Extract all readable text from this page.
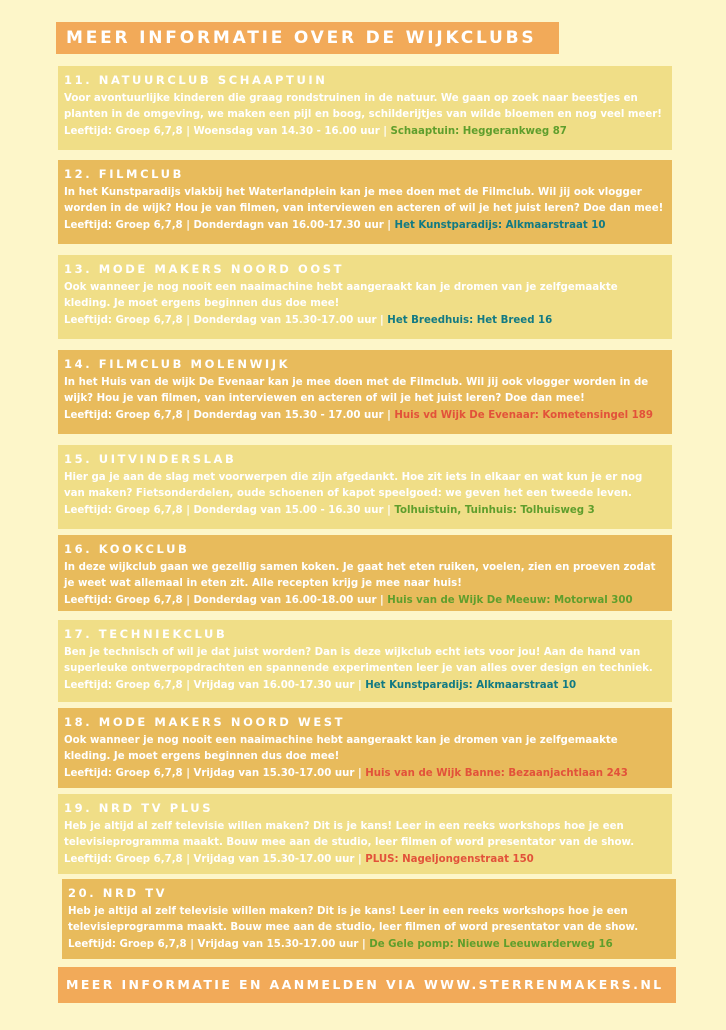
MEER INFORMATIE OVER DE WIJKCLUBS
11. NATUURCLUB SCHAAPTUIN
Voor avontuurlijke kinderen die graag rondstruinen in de natuur. We gaan op zoek naar beestjes en planten in de omgeving, we maken een pijl en boog, schilderijtjes van wilde bloemen en nog veel meer!
Leeftijd: Groep 6,7,8 | Woensdag van 14.30 - 16.00 uur | Schaaptuin: Heggerankweg 87
12. FILMCLUB
In het Kunstparadijs vlakbij het Waterlandplein kan je mee doen met de Filmclub. Wil jij ook vlogger worden in de wijk? Hou je van filmen, van interviewen en acteren of wil je het juist leren? Doe dan mee!
Leeftijd: Groep 6,7,8 | Donderdagn van 16.00-17.30 uur | Het Kunstparadijs: Alkmaarstraat 10
13. MODE MAKERS NOORD OOST
Ook wanneer je nog nooit een naaimachine hebt aangeraakt kan je dromen van je zelfgemaakte kleding. Je moet ergens beginnen dus doe mee!
Leeftijd: Groep 6,7,8 | Donderdag van 15.30-17.00 uur | Het Breedhuis: Het Breed 16
14. FILMCLUB MOLENWIJK
In het Huis van de wijk De Evenaar kan je mee doen met de Filmclub. Wil jij ook vlogger worden in de wijk? Hou je van filmen, van interviewen en acteren of wil je het juist leren? Doe dan mee!
Leeftijd: Groep 6,7,8 | Donderdag van 15.30 - 17.00 uur | Huis vd Wijk De Evenaar: Kometensingel 189
15. UITVINDERSLAB
Hier ga je aan de slag met voorwerpen die zijn afgedankt. Hoe zit iets in elkaar en wat kun je er nog van maken? Fietsonderdelen, oude schoenen of kapot speelgoed: we geven het een tweede leven.
Leeftijd: Groep 6,7,8 | Donderdag van 15.00 - 16.30 uur | Tolhuistuin, Tuinhuis: Tolhuisweg 3
16. KOOKCLUB
In deze wijkclub gaan we gezellig samen koken. Je gaat het eten ruiken, voelen, zien en proeven zodat je weet wat allemaal in eten zit. Alle recepten krijg je mee naar huis!
Leeftijd: Groep 6,7,8 | Donderdag van 16.00-18.00 uur | Huis van de Wijk De Meeuw: Motorwal 300
17. TECHNIEKCLUB
Ben je technisch of wil je dat juist worden? Dan is deze wijkclub echt iets voor jou! Aan de hand van superleuke ontwerpopdrachten en spannende experimenten leer je van alles over design en techniek.
Leeftijd: Groep 6,7,8 | Vrijdag van 16.00-17.30 uur | Het Kunstparadijs: Alkmaarstraat 10
18. MODE MAKERS NOORD WEST
Ook wanneer je nog nooit een naaimachine hebt aangeraakt kan je dromen van je zelfgemaakte kleding. Je moet ergens beginnen dus doe mee!
Leeftijd: Groep 6,7,8 | Vrijdag van 15.30-17.00 uur | Huis van de Wijk Banne: Bezaanjachtlaan 243
19. NRD TV PLUS
Heb je altijd al zelf televisie willen maken? Dit is je kans! Leer in een reeks workshops hoe je een televisieprogramma maakt. Bouw mee aan de studio, leer filmen of word presentator van de show.
Leeftijd: Groep 6,7,8 | Vrijdag van 15.30-17.00 uur | PLUS: Nageljongenstraat 150
20. NRD TV
Heb je altijd al zelf televisie willen maken? Dit is je kans! Leer in een reeks workshops hoe je een televisieprogramma maakt. Bouw mee aan de studio, leer filmen of word presentator van de show.
Leeftijd: Groep 6,7,8 | Vrijdag van 15.30-17.00 uur | De Gele pomp: Nieuwe Leeuwarderweg 16
MEER INFORMATIE EN AANMELDEN VIA WWW.STERRENMAKERS.NL
